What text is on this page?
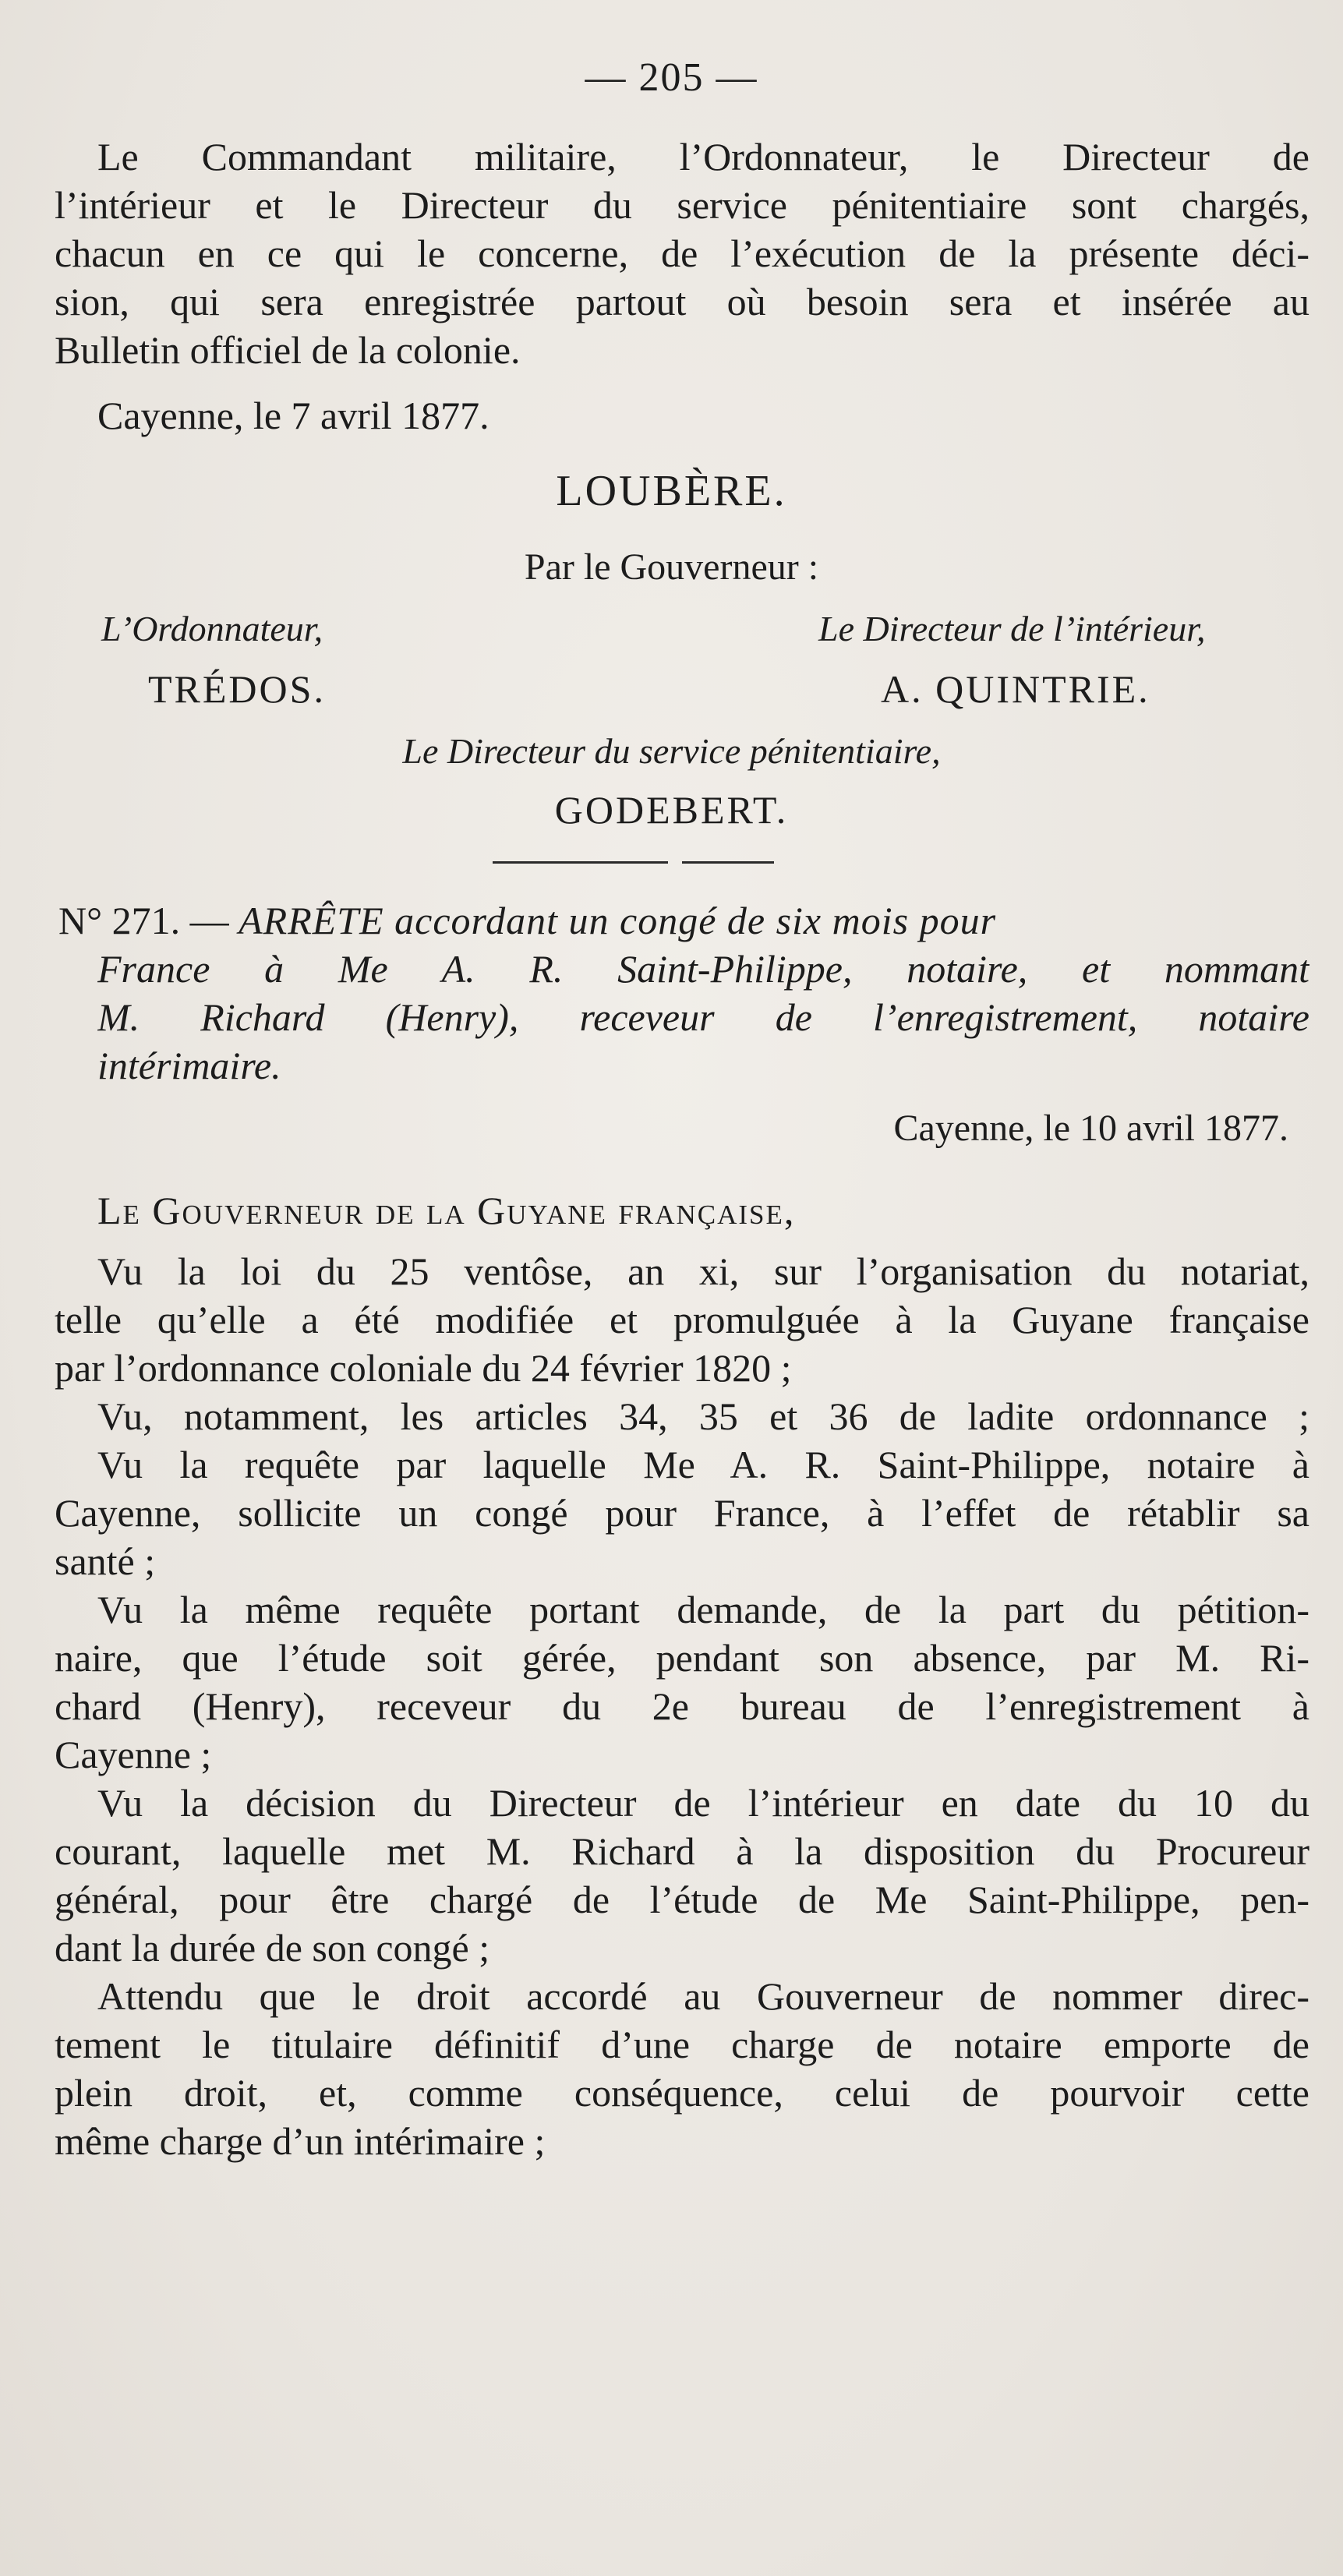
— 205 —
Le Commandant militaire, l’Ordonnateur, le Directeur de
l’intérieur et le Directeur du service pénitentiaire sont chargés,
chacun en ce qui le concerne, de l’exécution de la présente déci-
sion, qui sera enregistrée partout où besoin sera et insérée au
Bulletin officiel de la colonie.
Cayenne, le 7 avril 1877.
LOUBÈRE.
Par le Gouverneur :
L’Ordonnateur,	Le Directeur de l’intérieur,
TRÉDOS.	A. QUINTRIE.
Le Directeur du service pénitentiaire,
GODEBERT.
N° 271. — ARRÊTE accordant un congé de six mois pour
France à Me A. R. Saint-Philippe, notaire, et nommant
M. Richard (Henry), receveur de l’enregistrement, notaire
intérimaire.
Cayenne, le 10 avril 1877.
Le Gouverneur de la Guyane française,
Vu la loi du 25 ventôse, an xi, sur l’organisation du notariat,
telle qu’elle a été modifiée et promulguée à la Guyane française
par l’ordonnance coloniale du 24 février 1820 ;
Vu, notamment, les articles 34, 35 et 36 de ladite ordonnance ;
Vu la requête par laquelle Me A. R. Saint-Philippe, notaire à
Cayenne, sollicite un congé pour France, à l’effet de rétablir sa
santé ;
Vu la même requête portant demande, de la part du pétition-
naire, que l’étude soit gérée, pendant son absence, par M. Ri-
chard (Henry), receveur du 2e bureau de l’enregistrement à
Cayenne ;
Vu la décision du Directeur de l’intérieur en date du 10 du
courant, laquelle met M. Richard à la disposition du Procureur
général, pour être chargé de l’étude de Me Saint-Philippe, pen-
dant la durée de son congé ;
Attendu que le droit accordé au Gouverneur de nommer direc-
tement le titulaire définitif d’une charge de notaire emporte de
plein droit, et, comme conséquence, celui de pourvoir cette
même charge d’un intérimaire ;
